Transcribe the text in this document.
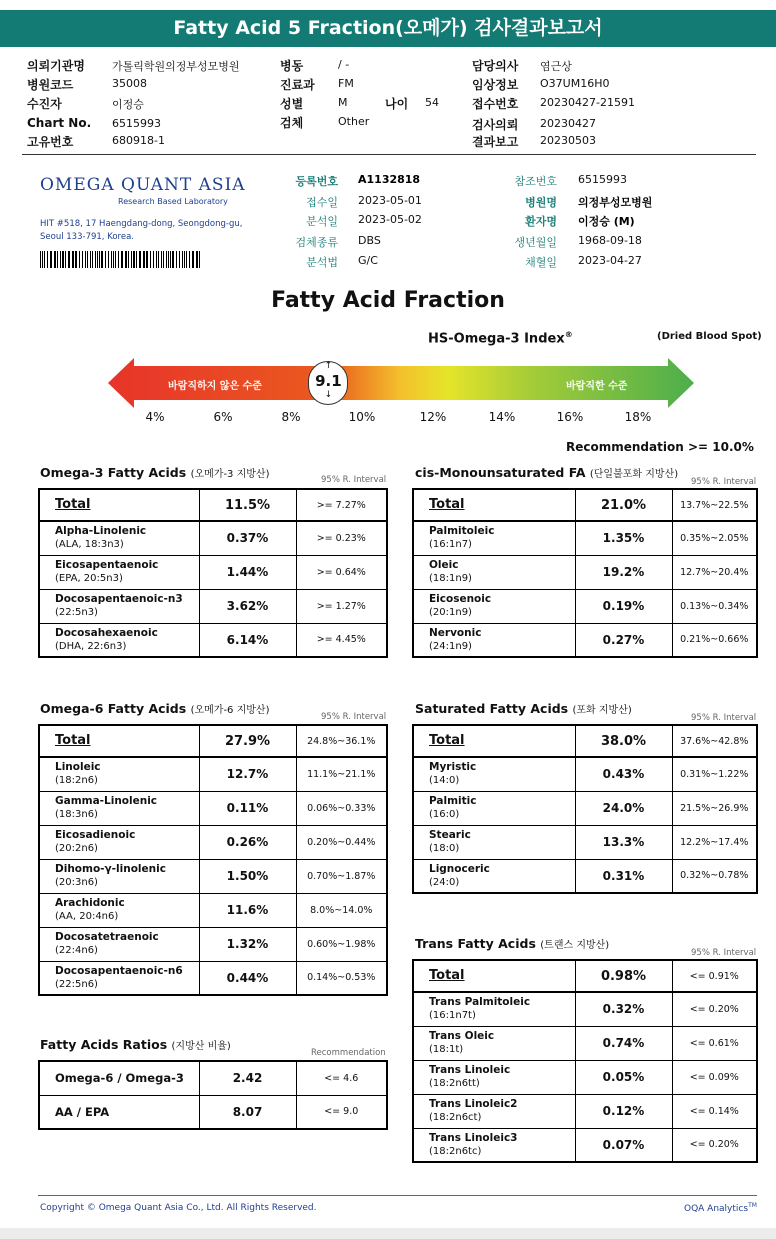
Fatty Acid 5 Fraction(오메가) 검사결과보고서
의뢰기관명 가톨릭학원의정부성모병원
병원코드	35008
수진자	이정승
Chart No. 6515993
고유번호	680918-1
병동	/ -
진료과 FM
성별	M	나이 54
검체	Other
담당의사 염근상
임상정보 O37UM16H0
접수번호 20230427-21591
검사의뢰 20230427
결과보고 20230503
OMEGA QUANT ASIA
Research Based Laboratory
HIT #518, 17 Haengdang-dong, Seongdong-gu,
Seoul 133-791, Korea.
등록번호 A1132818
접수일 2023-05-01
분석일 2023-05-02
검체종류 DBS
분석법 G/C
참조번호 6515993
병원명 의정부성모병원
환자명 이정승 (M)
생년월일 1968-09-18
채혈일 2023-04-27
Fatty Acid Fraction
HS-Omega-3 Index®	(Dried Blood Spot)
바람직하지 않은 수준	바람직한 수준
↑
9.1
↓
4%	6%	8%	10%	12%	14%	16%	18%
Recommendation >= 10.0%
Omega-3 Fatty Acids (오메가-3 지방산)	95% R. Interval cis-Monounsaturated FA (단일불포화 지방산)
95% R. Interval
Omega-6 Fatty Acids (오메가-6 지방산)
95% R. Interval
Saturated Fatty Acids (포화 지방산)
95% R. Interval
Trans Fatty Acids (트랜스 지방산)
95% R. Interval
Fatty Acids Ratios (지방산 비율)
Recommendation
Total	11.5%	>= 7.27%
Alpha-Linolenic
(ALA, 18:3n3)	0.37%	>= 0.23%
Eicosapentaenoic
(EPA, 20:5n3)	1.44%	>= 0.64%
Docosapentaenoic-n3
(22:5n3)	3.62%	>= 1.27%
Docosahexaenoic
(DHA, 22:6n3)	6.14%	>= 4.45%
Total	21.0%	13.7%~22.5%
Palmitoleic
(16:1n7)	1.35%	0.35%~2.05%
Oleic
(18:1n9)	19.2%	12.7%~20.4%
Eicosenoic
(20:1n9)	0.19%	0.13%~0.34%
Nervonic
(24:1n9)	0.27%	0.21%~0.66%
Total	27.9%	24.8%~36.1%
Linoleic
(18:2n6)	12.7%	11.1%~21.1%
Gamma-Linolenic
(18:3n6)	0.11%	0.06%~0.33%
Eicosadienoic
(20:2n6)	0.26%	0.20%~0.44%
Dihomo-γ-linolenic
(20:3n6)	1.50%	0.70%~1.87%
Arachidonic
(AA, 20:4n6)	11.6%	8.0%~14.0%
Docosatetraenoic
(22:4n6)	1.32%	0.60%~1.98%
Docosapentaenoic-n6
(22:5n6)	0.44%	0.14%~0.53%
Total	38.0%	37.6%~42.8%
Myristic
(14:0)	0.43%	0.31%~1.22%
Palmitic
(16:0)	24.0%	21.5%~26.9%
Stearic
(18:0)	13.3%	12.2%~17.4%
Lignoceric
(24:0)	0.31%	0.32%~0.78%
Total	0.98%	<= 0.91%
Trans Palmitoleic
(16:1n7t)	0.32%	<= 0.20%
Trans Oleic
(18:1t)	0.74%	<= 0.61%
Trans Linoleic
(18:2n6tt)	0.05%	<= 0.09%
Trans Linoleic2
(18:2n6ct)	0.12%	<= 0.14%
Trans Linoleic3
(18:2n6tc)	0.07%	<= 0.20%
Omega-6 / Omega-3	2.42	<= 4.6
AA / EPA	8.07	<= 9.0
Copyright © Omega Quant Asia Co., Ltd. All Rights Reserved.	OQA Analytics™
